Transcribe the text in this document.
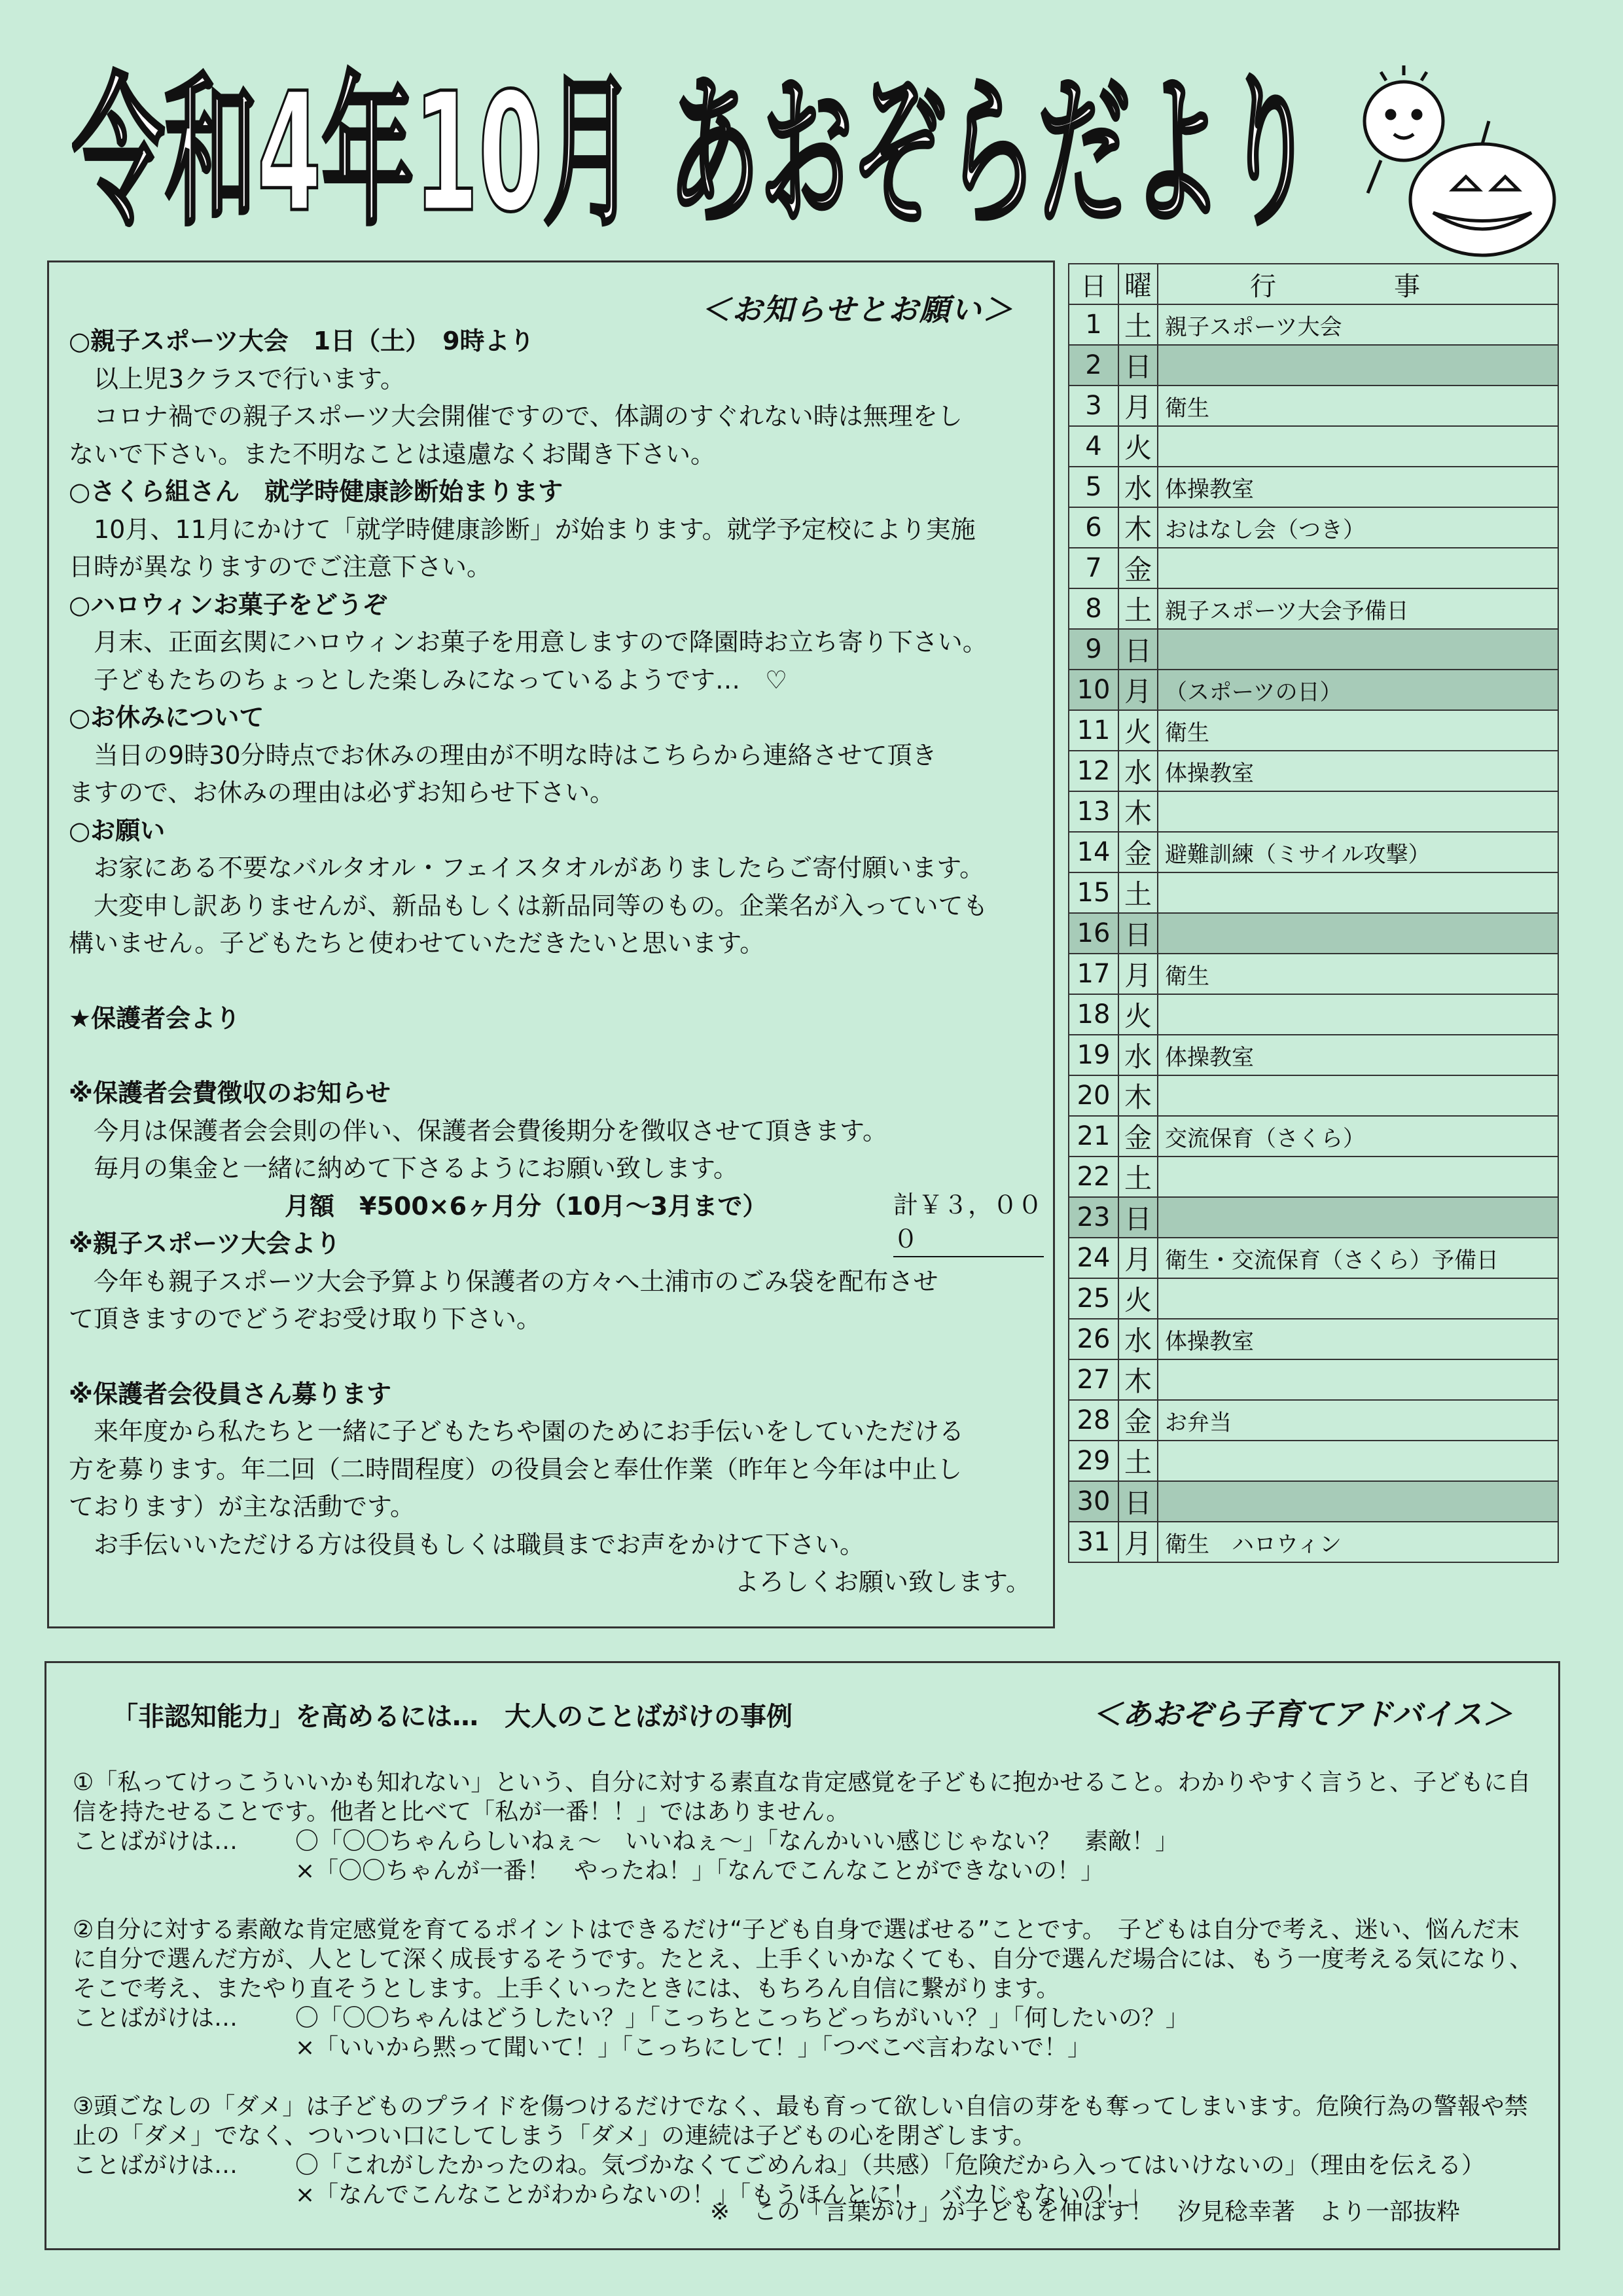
令和4年10月 あおぞらだより
＜お知らせとお願い＞
○親子スポーツ大会　1日（土）　9時より
以上児3クラスで行います。
コロナ禍での親子スポーツ大会開催ですので、体調のすぐれない時は無理をし
ないで下さい。また不明なことは遠慮なくお聞き下さい。
○さくら組さん　就学時健康診断始まります
10月、11月にかけて「就学時健康診断」が始まります。就学予定校により実施
日時が異なりますのでご注意下さい。
○ハロウィンお菓子をどうぞ
月末、正面玄関にハロウィンお菓子を用意しますので降園時お立ち寄り下さい。
子どもたちのちょっとした楽しみになっているようです…　♡
○お休みについて
当日の9時30分時点でお休みの理由が不明な時はこちらから連絡させて頂き
ますので、お休みの理由は必ずお知らせ下さい。
○お願い
お家にある不要なバルタオル・フェイスタオルがありましたらご寄付願います。
大変申し訳ありませんが、新品もしくは新品同等のもの。企業名が入っていても
構いません。子どもたちと使わせていただきたいと思います。
★保護者会より
※保護者会費徴収のお知らせ
今月は保護者会会則の伴い、保護者会費後期分を徴収させて頂きます。
毎月の集金と一緒に納めて下さるようにお願い致します。
月額　¥500×6ヶ月分（10月～3月まで）	計￥３，０００
※親子スポーツ大会より
今年も親子スポーツ大会予算より保護者の方々へ土浦市のごみ袋を配布させ
て頂きますのでどうぞお受け取り下さい。
※保護者会役員さん募ります
来年度から私たちと一緒に子どもたちや園のためにお手伝いをしていただける
方を募ります。年二回（二時間程度）の役員会と奉仕作業（昨年と今年は中止し
ております）が主な活動です。
お手伝いいただける方は役員もしくは職員までお声をかけて下さい。
よろしくお願い致します。
日	曜	行　事
1	土	親子スポーツ大会
2	日	
3	月	衛生
4	火	
5	水	体操教室
6	木	おはなし会（つき）
7	金	
8	土	親子スポーツ大会予備日
9	日	
10	月	（スポーツの日）
11	火	衛生
12	水	体操教室
13	木	
14	金	避難訓練（ミサイル攻撃）
15	土	
16	日	
17	月	衛生
18	火	
19	水	体操教室
20	木	
21	金	交流保育（さくら）
22	土	
23	日	
24	月	衛生・交流保育（さくら）予備日
25	火	
26	水	体操教室
27	木	
28	金	お弁当
29	土	
30	日	
31	月	衛生　ハロウィン
「非認知能力」を高めるには…　大人のことばがけの事例	＜あおぞら子育てアドバイス＞
①「私ってけっこういいかも知れない」という、自分に対する素直な肯定感覚を子どもに抱かせること。わかりやすく言うと、子どもに自信を持たせることです。他者と比べて「私が一番！！」ではありません。
ことばがけは… 〇「〇〇ちゃんらしいねぇ～　いいねぇ～」「なんかいい感じじゃない？　素敵！」
×「〇〇ちゃんが一番！　やったね！」「なんでこんなことができないの！」
②自分に対する素敵な肯定感覚を育てるポイントはできるだけ“子ども自身で選ばせる”ことです。　子どもは自分で考え、迷い、悩んだ末に自分で選んだ方が、人として深く成長するそうです。たとえ、上手くいかなくても、自分で選んだ場合には、もう一度考える気になり、そこで考え、またやり直そうとします。上手くいったときには、もちろん自信に繋がります。
ことばがけは… 〇「〇〇ちゃんはどうしたい？」「こっちとこっちどっちがいい？」「何したいの？」
×「いいから黙って聞いて！」「こっちにして！」「つべこべ言わないで！」
③頭ごなしの「ダメ」は子どものプライドを傷つけるだけでなく、最も育って欲しい自信の芽をも奪ってしまいます。危険行為の警報や禁止の「ダメ」でなく、ついつい口にしてしまう「ダメ」の連続は子どもの心を閉ざします。
ことばがけは… 〇「これがしたかったのね。気づかなくてごめんね」（共感）「危険だから入ってはいけないの」（理由を伝える）
×「なんでこんなことがわからないの！」「もうほんとに！　バカじゃないの！」
※　この「言葉がけ」が子どもを伸ばす！　汐見稔幸著　より一部抜粋
